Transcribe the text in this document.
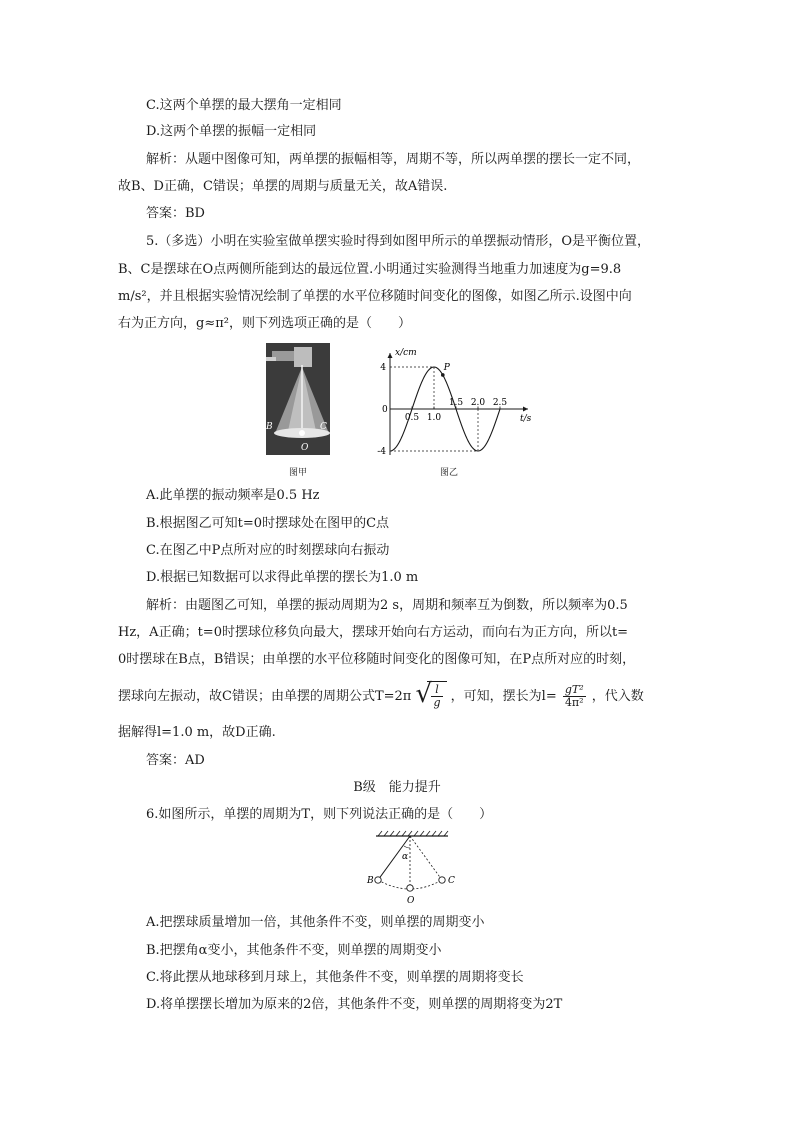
C.这两个单摆的最大摆角一定相同
D.这两个单摆的振幅一定相同
解析：从题中图像可知，两单摆的振幅相等，周期不等，所以两单摆的摆长一定不同，
故B、D正确，C错误；单摆的周期与质量无关，故A错误.
答案：BD
5.（多选）小明在实验室做单摆实验时得到如图甲所示的单摆振动情形，O是平衡位置，
B、C是摆球在O点两侧所能到达的最远位置.小明通过实验测得当地重力加速度为g=9.8
m/s²，并且根据实验情况绘制了单摆的水平位移随时间变化的图像，如图乙所示.设图中向
右为正方向，g≈π²，则下列选项正确的是（　　）
B	C
O
图甲
4
-4
0.5 1.0
1.5 2.0 2.5
x/cm
t/s
0
P
图乙
A.此单摆的振动频率是0.5 Hz
B.根据图乙可知t=0时摆球处在图甲的C点
C.在图乙中P点所对应的时刻摆球向右振动
D.根据已知数据可以求得此单摆的摆长为1.0 m
解析：由题图乙可知，单摆的振动周期为2 s，周期和频率互为倒数，所以频率为0.5
Hz，A正确；t=0时摆球位移负向最大，摆球开始向右方运动，而向右为正方向，所以t=
0时摆球在B点，B错误；由单摆的水平位移随时间变化的图像可知，在P点所对应的时刻，
摆球向左振动，故C错误；由单摆的周期公式T=2π √ $\frac{l}{g}$ ，可知，摆长为$l= \frac{\text{gT²}}{\text{4π²}}$ ，代入数
据解得l=1.0 m，故D正确.
答案：AD
B级　能力提升
6.如图所示，单摆的周期为T，则下列说法正确的是（　　）
α
B	C
O
A.把摆球质量增加一倍，其他条件不变，则单摆的周期变小
B.把摆角α变小，其他条件不变，则单摆的周期变小
C.将此摆从地球移到月球上，其他条件不变，则单摆的周期将变长
D.将单摆摆长增加为原来的2倍，其他条件不变，则单摆的周期将变为2T
